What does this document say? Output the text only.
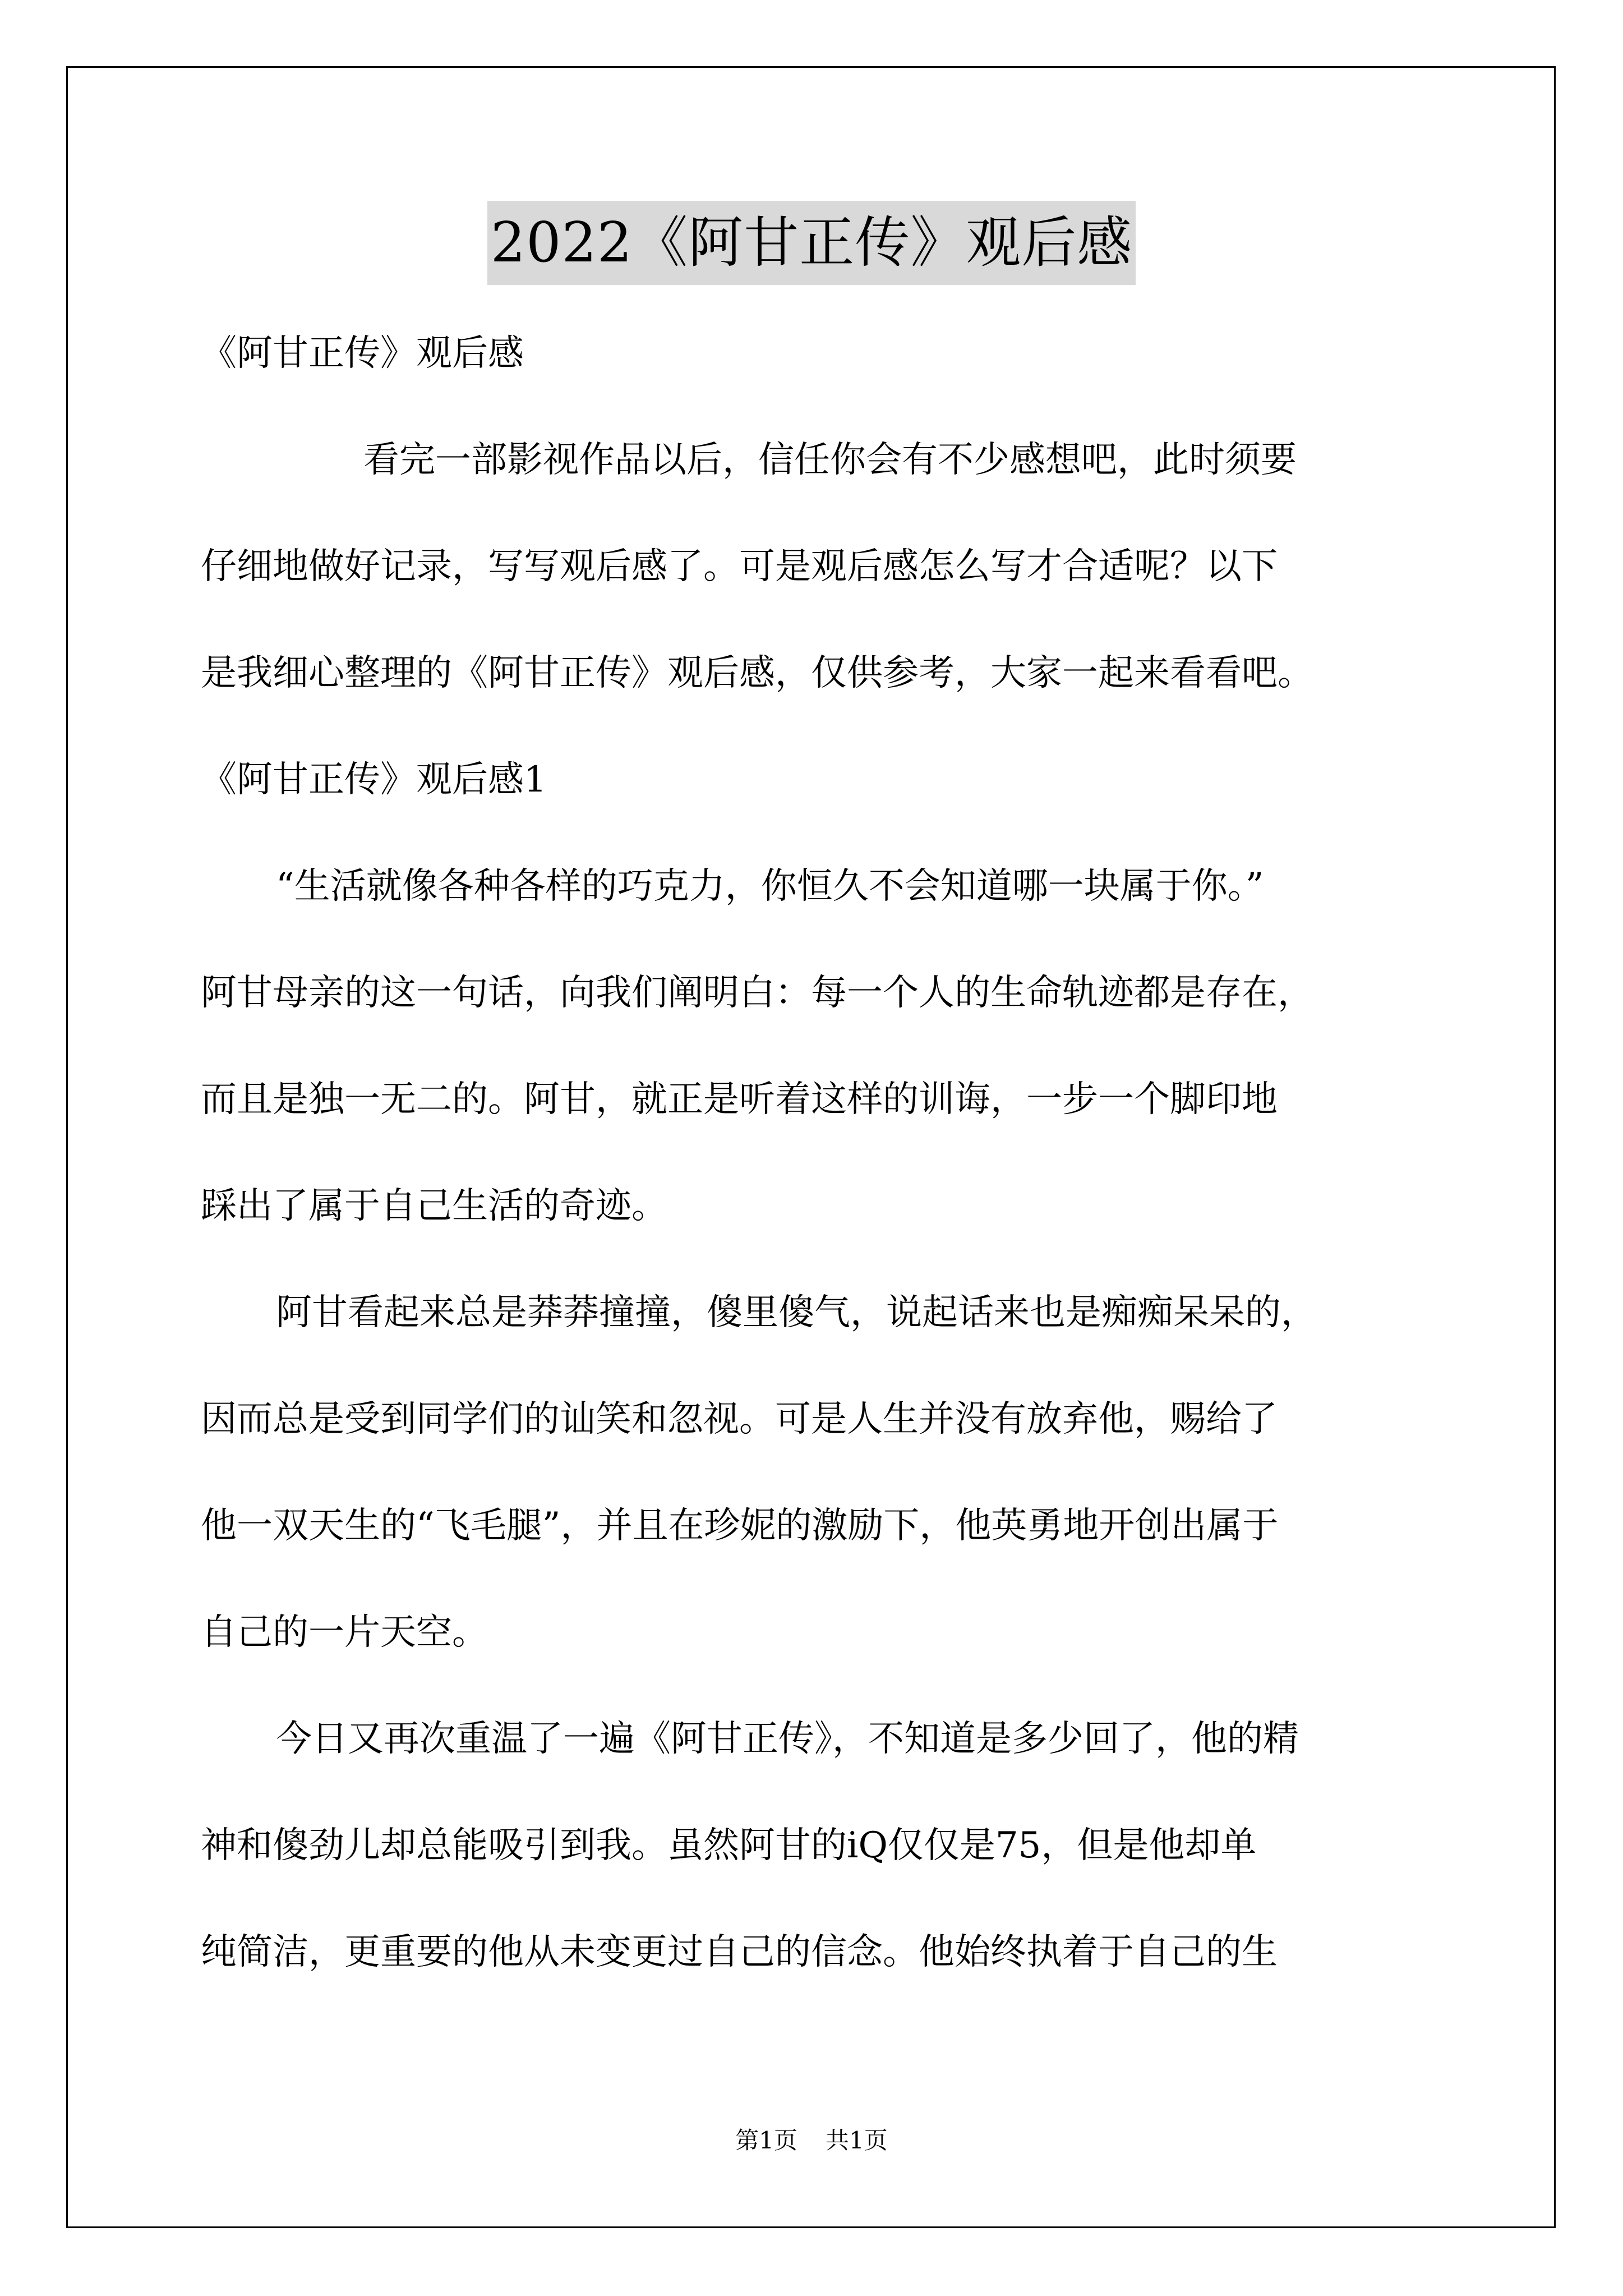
2022《阿甘正传》观后感

《阿甘正传》观后感

看完一部影视作品以后，信任你会有不少感想吧，此时须要

仔细地做好记录，写写观后感了。可是观后感怎么写才合适呢？以下

是我细心整理的《阿甘正传》观后感，仅供参考，大家一起来看看吧。

《阿甘正传》观后感1

“生活就像各种各样的巧克力，你恒久不会知道哪一块属于你。”

阿甘母亲的这一句话，向我们阐明白：每一个人的生命轨迹都是存在，

而且是独一无二的。阿甘，就正是听着这样的训诲，一步一个脚印地

踩出了属于自己生活的奇迹。

阿甘看起来总是莽莽撞撞，傻里傻气，说起话来也是痴痴呆呆的，

因而总是受到同学们的讪笑和忽视。可是人生并没有放弃他，赐给了

他一双天生的“飞毛腿”，并且在珍妮的激励下，他英勇地开创出属于

自己的一片天空。

今日又再次重温了一遍《阿甘正传》，不知道是多少回了，他的精

神和傻劲儿却总能吸引到我。虽然阿甘的iQ仅仅是75，但是他却单

纯简洁，更重要的他从未变更过自己的信念。他始终执着于自己的生

第1页 共1页
